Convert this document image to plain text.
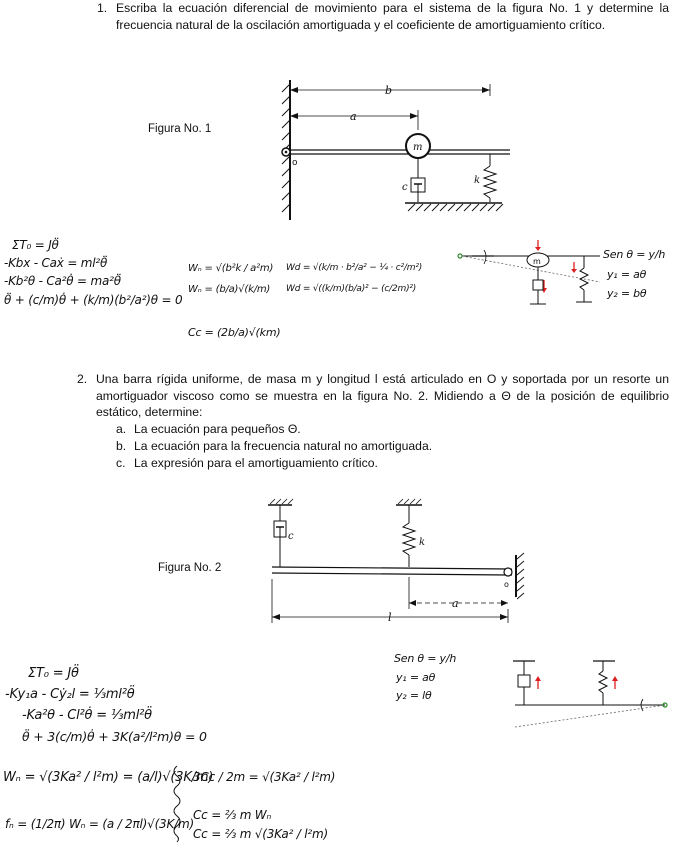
1. Escriba la ecuación diferencial de movimiento para el sistema de la figura No. 1 y determine la frecuencia natural de la oscilación amortiguada y el coeficiente de amortiguamiento crítico.
Figura No. 1
b
a
m
c
k
o
ΣT₀ = Jθ̈
-Kbx - Caẋ = ml²θ̈
-Kb²θ - Ca²θ̇ = ma²θ̈
θ̈ + (c/m)θ̇ + (k/m)(b²/a²)θ = 0
Wₙ = √(b²k / a²m)
Wₙ = (b/a)√(k/m)
Wd = √(k/m · b²/a² − ¼ · c²/m²)
Wd = √((k/m)(b/a)² − (c/2m)²)
Cc = (2b/a)√(km)
m
Sen θ = y/h
y₁ = aθ
y₂ = bθ
2. Una barra rígida uniforme, de masa m y longitud l está articulado en O y soportada por un resorte un amortiguador viscoso como se muestra en la figura No. 2. Midiendo a Θ de la posición de equilibrio estático, determine:
a. La ecuación para pequeños Θ.
b. La ecuación para la frecuencia natural no amortiguada.
c. La expresión para el amortiguamiento crítico.
Figura No. 2
c
k
o
a
l
Sen θ = y/h
y₁ = aθ
y₂ = lθ
ΣT₀ = Jθ̈
-Ky₁a - Cẏ₂l = ⅓ml²θ̈
-Ka²θ - Cl²θ̇ = ⅓ml²θ̈
θ̈ + 3(c/m)θ̇ + 3K(a²/l²m)θ = 0
Wₙ = √(3Ka² / l²m) = (a/l)√(3K/m)
fₙ = (1/2π) Wₙ = (a / 2πl)√(3K/m)
3Cc / 2m = √(3Ka² / l²m)
Cc = ⅔ m Wₙ
Cc = ⅔ m √(3Ka² / l²m)
